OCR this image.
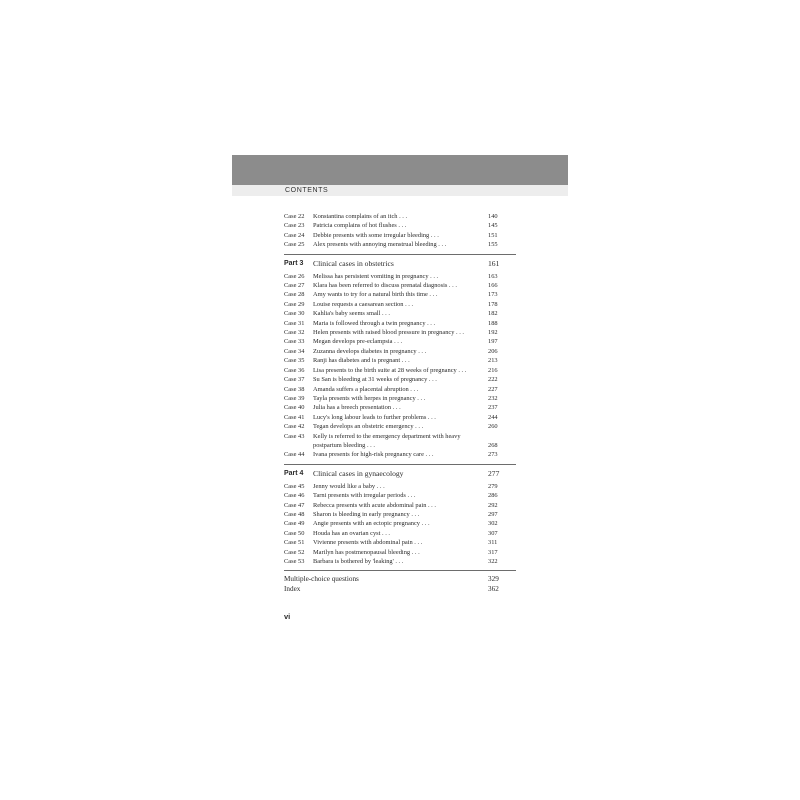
CONTENTS
Case 22	Konstantina complains of an itch . . .	140
Case 23	Patricia complains of hot flushes . . .	145
Case 24	Debbie presents with some irregular bleeding . . .	151
Case 25	Alex presents with annoying menstrual bleeding . . .	155
Part 3	Clinical cases in obstetrics	161
Case 26	Melissa has persistent vomiting in pregnancy . . .	163
Case 27	Klara has been referred to discuss prenatal diagnosis . . .	166
Case 28	Amy wants to try for a natural birth this time . . .	173
Case 29	Louise requests a caesarean section . . .	178
Case 30	Kahlia's baby seems small . . .	182
Case 31	Maria is followed through a twin pregnancy . . .	188
Case 32	Helen presents with raised blood pressure in pregnancy . . .	192
Case 33	Megan develops pre-eclampsia . . .	197
Case 34	Zuzanna develops diabetes in pregnancy . . .	206
Case 35	Ranji has diabetes and is pregnant . . .	213
Case 36	Lisa presents to the birth suite at 28 weeks of pregnancy . . .	216
Case 37	Su San is bleeding at 31 weeks of pregnancy . . .	222
Case 38	Amanda suffers a placental abruption . . .	227
Case 39	Tayla presents with herpes in pregnancy . . .	232
Case 40	Julia has a breech presentation . . .	237
Case 41	Lucy's long labour leads to further problems . . .	244
Case 42	Tegan develops an obstetric emergency . . .	260
Case 43	Kelly is referred to the emergency department with heavy postpartum bleeding . . .	268
Case 44	Ivana presents for high-risk pregnancy care . . .	273
Part 4	Clinical cases in gynaecology	277
Case 45	Jenny would like a baby . . .	279
Case 46	Tarni presents with irregular periods . . .	286
Case 47	Rebecca presents with acute abdominal pain . . .	292
Case 48	Sharon is bleeding in early pregnancy . . .	297
Case 49	Angie presents with an ectopic pregnancy . . .	302
Case 50	Houda has an ovarian cyst . . .	307
Case 51	Vivienne presents with abdominal pain . . .	311
Case 52	Marilyn has postmenopausal bleeding . . .	317
Case 53	Barbara is bothered by 'leaking' . . .	322
Multiple-choice questions	329
Index	362
vi
